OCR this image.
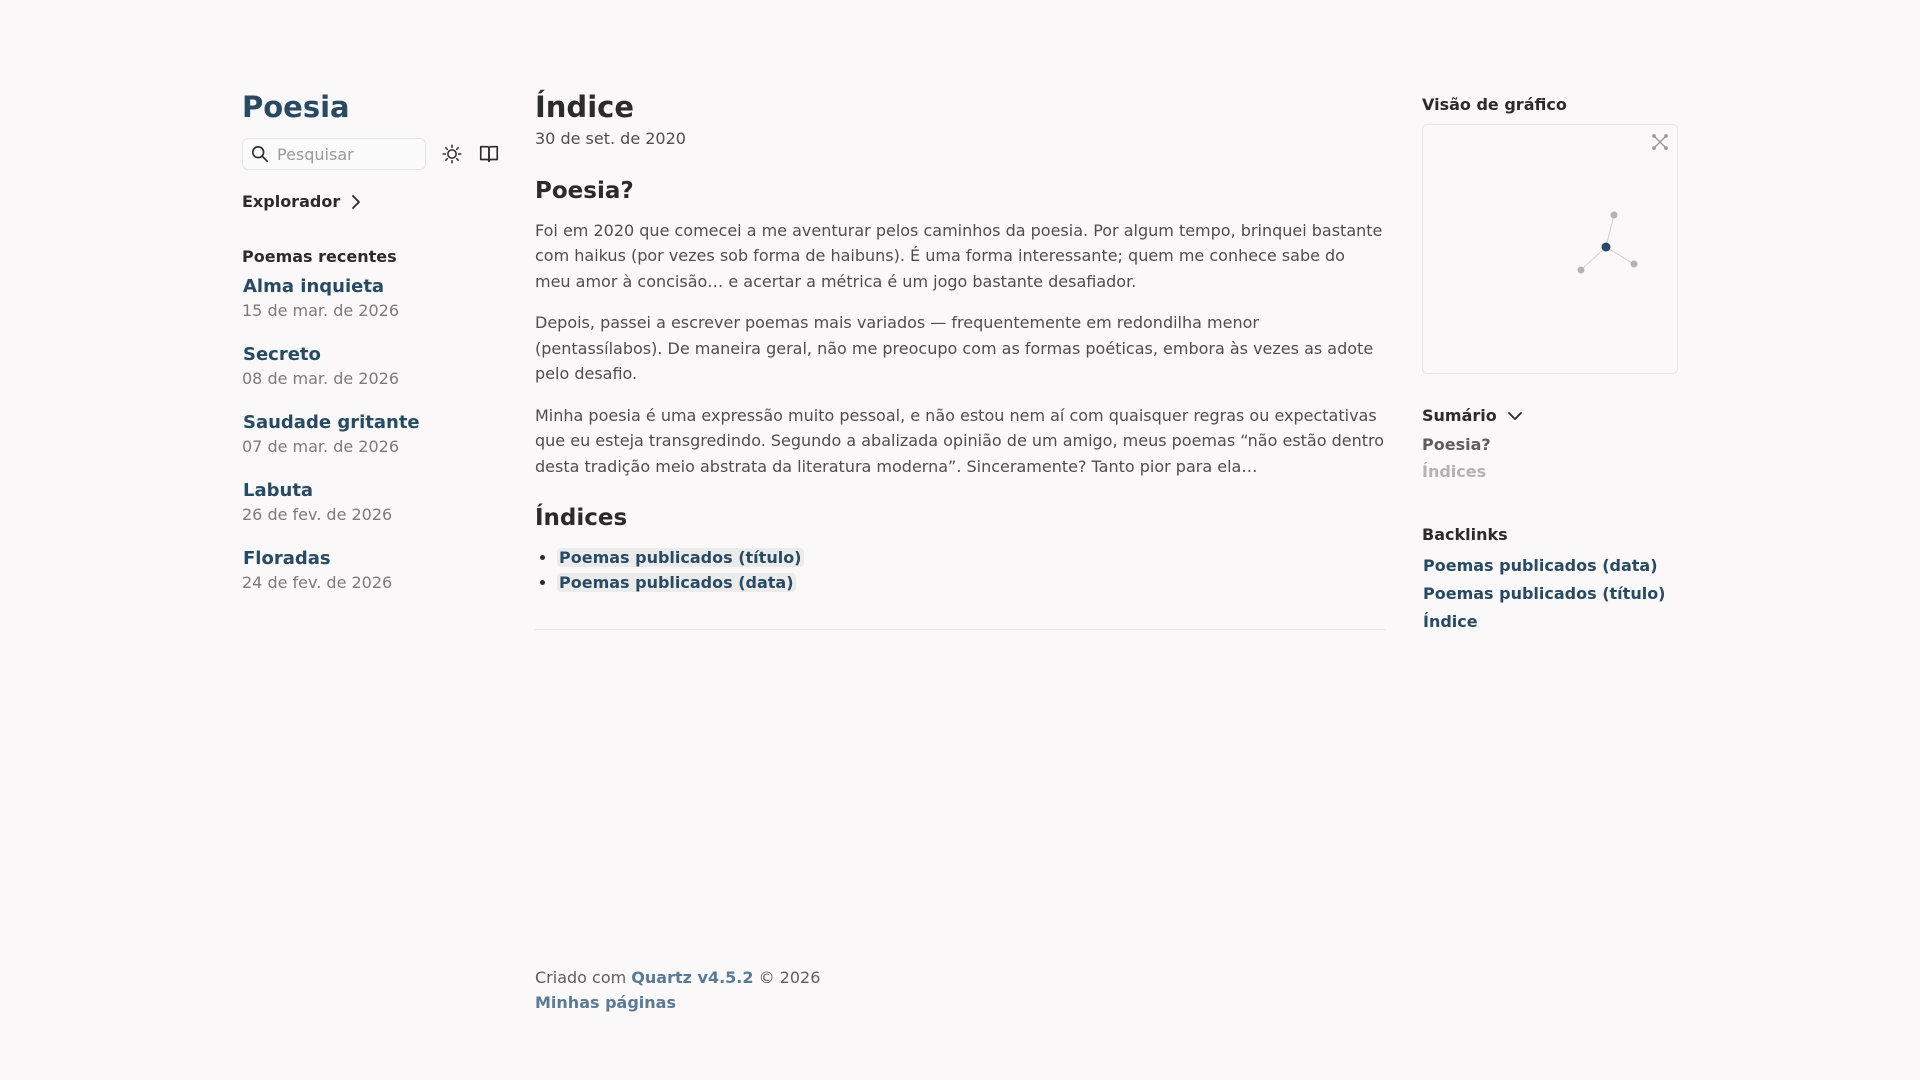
Poesia
Pesquisar
Explorador
Poemas recentes
Alma inquieta
15 de mar. de 2026
Secreto
08 de mar. de 2026
Saudade gritante
07 de mar. de 2026
Labuta
26 de fev. de 2026
Floradas
24 de fev. de 2026
Índice
30 de set. de 2020
Poesia?

Foi em 2020 que comecei a me aventurar pelos caminhos da poesia. Por algum tempo, brinquei bastante com haikus (por vezes sob forma de haibuns). É uma forma interessante; quem me conhece sabe do meu amor à concisão… e acertar a métrica é um jogo bastante desafiador.

Depois, passei a escrever poemas mais variados — frequentemente em redondilha menor (pentassílabos). De maneira geral, não me preocupo com as formas poéticas, embora às vezes as adote pelo desafio.

Minha poesia é uma expressão muito pessoal, e não estou nem aí com quaisquer regras ou expectativas que eu esteja transgredindo. Segundo a abalizada opinião de um amigo, meus poemas “não estão dentro desta tradição meio abstrata da literatura moderna”. Sinceramente? Tanto pior para ela…

Índices
• Poemas publicados (título)
• Poemas publicados (data)
Criado com Quartz v4.5.2 © 2026
Minhas páginas
Visão de gráfico
Sumário
Poesia?
Índices
Backlinks
Poemas publicados (data)
Poemas publicados (título)
Índice
